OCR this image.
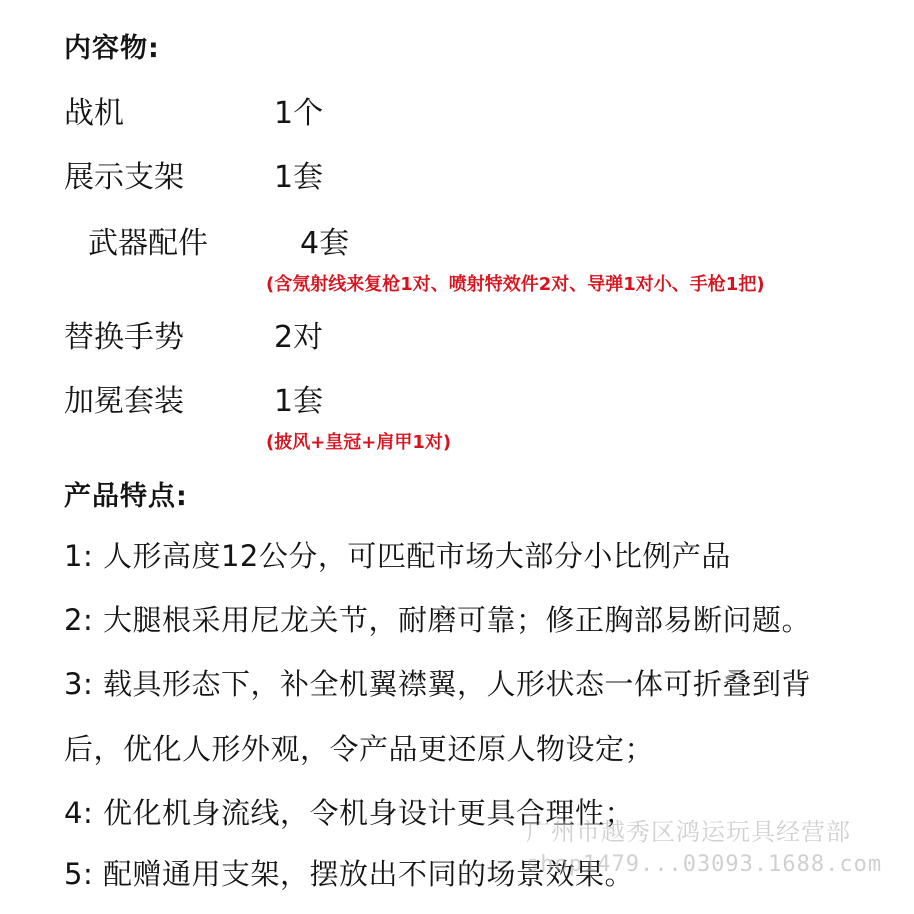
内容物:
战机	1个
展示支架	1套
武器配件	4套
(含氖射线来复枪1对、喷射特效件2对、导弹1对小、手枪1把)
替换手势	2对
加冕套装	1套
(披风+皇冠+肩甲1对)
产品特点:
1: 人形高度12公分，可匹配市场大部分小比例产品
2: 大腿根采用尼龙关节，耐磨可靠；修正胸部易断问题。
3: 载具形态下，补全机翼襟翼，人形状态一体可折叠到背
后，优化人形外观，令产品更还原人物设定；
4: 优化机身流线，令机身设计更具合理性；
5: 配赠通用支架，摆放出不同的场景效果。
广州市越秀区鸿运玩具经营部
shop1479...03093.1688.com
